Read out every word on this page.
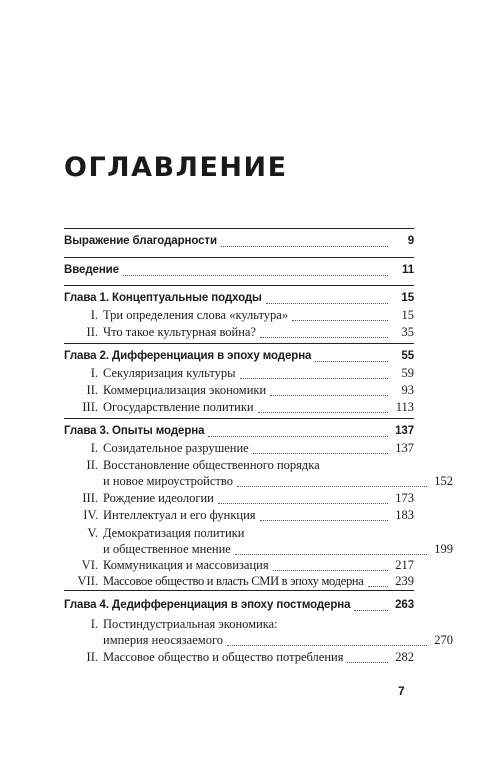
ОГЛАВЛЕНИЕ
Выражение благодарности	9
Введение	11
Глава 1. Концептуальные подходы	15
I. Три определения слова «культура»	15
II. Что такое культурная война?	35
Глава 2. Дифференциация в эпоху модерна	55
I. Секуляризация культуры	59
II. Коммерциализация экономики	93
III. Огосударствление политики	113
Глава 3. Опыты модерна	137
I. Созидательное разрушение	137
II. Восстановление общественного порядка
и новое мироустройство	152
III. Рождение идеологии	173
IV. Интеллектуал и его функция	183
V. Демократизация политики
и общественное мнение	199
VI. Коммуникация и массовизация	217
VII. Массовое общество и власть СМИ в эпоху модерна	239
Глава 4. Дедифференциация в эпоху постмодерна	263
I. Постиндустриальная экономика:
империя неосязаемого	270
II. Массовое общество и общество потребления	282
7
